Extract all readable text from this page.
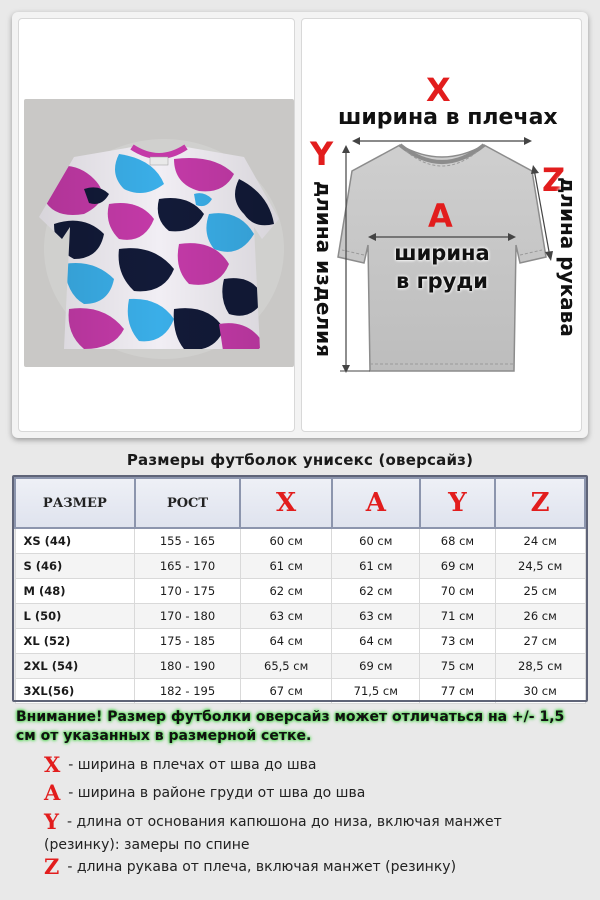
X
ширина в плечах
Y
длина изделия
Z
длина рукава
A
ширина
в груди
Размеры футболок унисекс (оверсайз)
РАЗМЕР	РОСТ	X	A	Y	Z
XS (44)	155 - 165	60 см	60 см	68 см	24 см
S (46)	165 - 170	61 см	61 см	69 см	24,5 см
M (48)	170 - 175	62 см	62 см	70 см	25 см
L (50)	170 - 180	63 см	63 см	71 см	26 см
XL (52)	175 - 185	64 см	64 см	73 см	27 см
2XL (54)	180 - 190	65,5 см	69 см	75 см	28,5 см
3XL(56)	182 - 195	67 см	71,5 см	77 см	30 см
Внимание! Размер футболки оверсайз может отличаться на +/- 1,5 см от указанных в размерной сетке.
X - ширина в плечах от шва до шва
A - ширина в районе груди от шва до шва
Y - длина от основания капюшона до низа, включая манжет (резинку): замеры по спине
Z - длина рукава от плеча, включая манжет (резинку)
